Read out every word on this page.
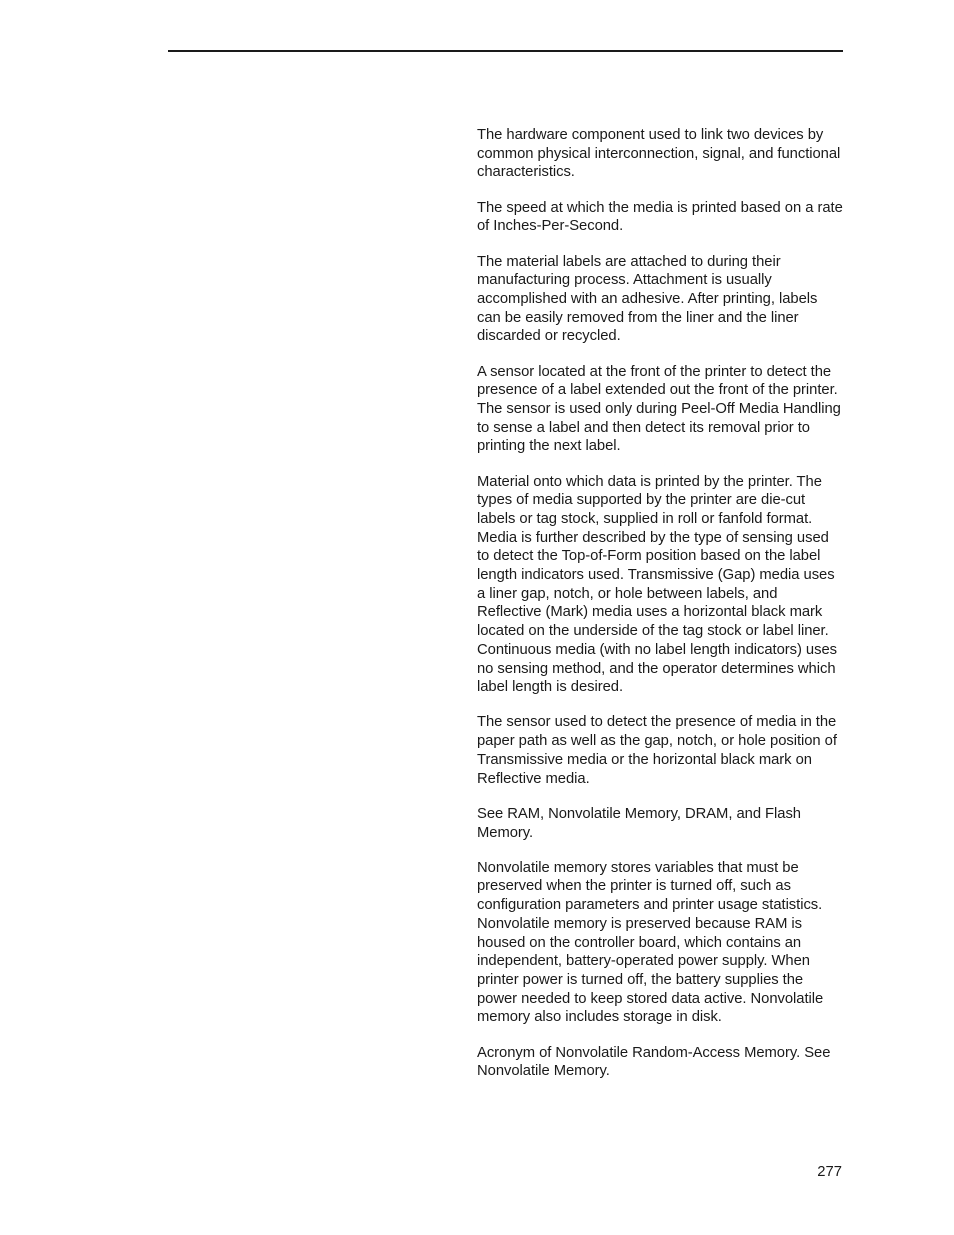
The hardware component used to link two devices by common physical interconnection, signal, and functional characteristics.

The speed at which the media is printed based on a rate of Inches-Per-Second.

The material labels are attached to during their manufacturing process. Attachment is usually accomplished with an adhesive. After printing, labels can be easily removed from the liner and the liner discarded or recycled.

A sensor located at the front of the printer to detect the presence of a label extended out the front of the printer. The sensor is used only during Peel-Off Media Handling to sense a label and then detect its removal prior to printing the next label.

Material onto which data is printed by the printer. The types of media supported by the printer are die-cut labels or tag stock, supplied in roll or fanfold format. Media is further described by the type of sensing used to detect the Top-of-Form position based on the label length indicators used. Transmissive (Gap) media uses a liner gap, notch, or hole between labels, and Reflective (Mark) media uses a horizontal black mark located on the underside of the tag stock or label liner. Continuous media (with no label length indicators) uses no sensing method, and the operator determines which label length is desired.

The sensor used to detect the presence of media in the paper path as well as the gap, notch, or hole position of Transmissive media or the horizontal black mark on Reflective media.

See RAM, Nonvolatile Memory, DRAM, and Flash Memory.

Nonvolatile memory stores variables that must be preserved when the printer is turned off, such as configuration parameters and printer usage statistics. Nonvolatile memory is preserved because RAM is housed on the controller board, which contains an independent, battery-operated power supply. When printer power is turned off, the battery supplies the power needed to keep stored data active. Nonvolatile memory also includes storage in disk.

Acronym of Nonvolatile Random-Access Memory. See Nonvolatile Memory.

277
